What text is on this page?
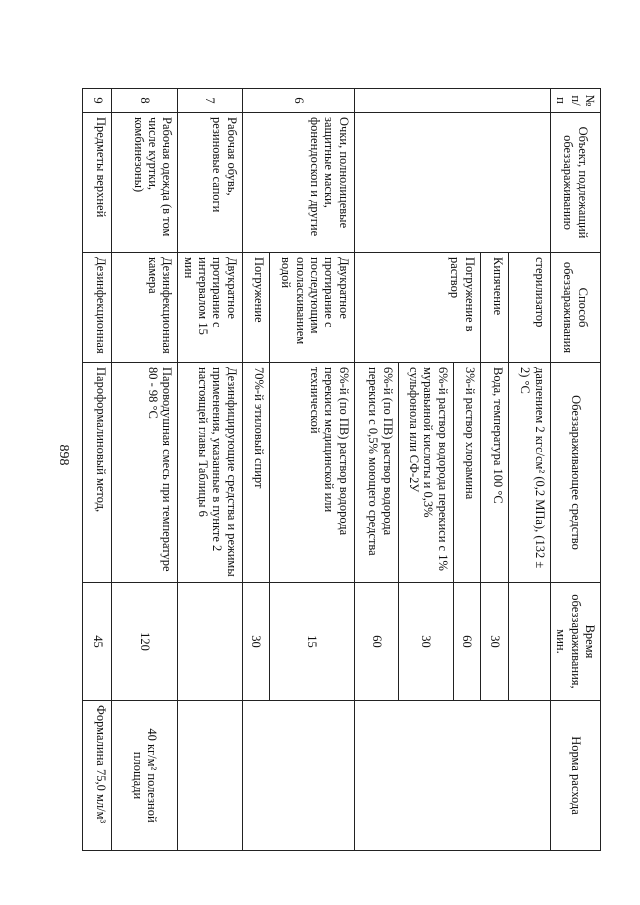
898
№ п/п	Объект, подлежащий обеззараживанию	Способ обеззараживания	Обеззараживающее средство	Время обеззараживания, мин.	Норма расхода
		стерилизатор	давлением 2 кгс/см² (0,2 МПа), (132 ± 2) °С		
		Кипячение	Вода, температура 100 °С	30	
		Погружение в раствор	3%-й раствор хлорамина	60	
			6%-й раствор водорода перекиси с 1% муравьиной кислоты и 0,3% сульфонола или СФ-2У	30	
			6%-й (по ПВ) раствор водорода перекиси с 0,5% моющего средства	60	
6	Очки, полнолицевые защитные маски, фонендоскоп и другие	Двукратное протирание с последующим ополаскиванием водой	6%-й (по ПВ) раствор водорода перекиси медицинской или технической	15	
		Погружение	70%-й этиловый спирт	30	
7	Рабочая обувь, резиновые сапоги	Двукратное протирание с интервалом 15 мин	Дезинфицирующие средства и режимы применения, указанные в пункте 2 настоящей главы Таблицы 6		
8	Рабочая одежда (в том числе куртки, комбинезоны)	Дезинфекционная камера	Пароводушная смесь при температуре 80 - 98 °С	120	40 кг/м² полезной площади
9	Предметы верхней	Дезинфекционная	Пароформалиновый метод,	45	Формалина 75,0 мл/м³
